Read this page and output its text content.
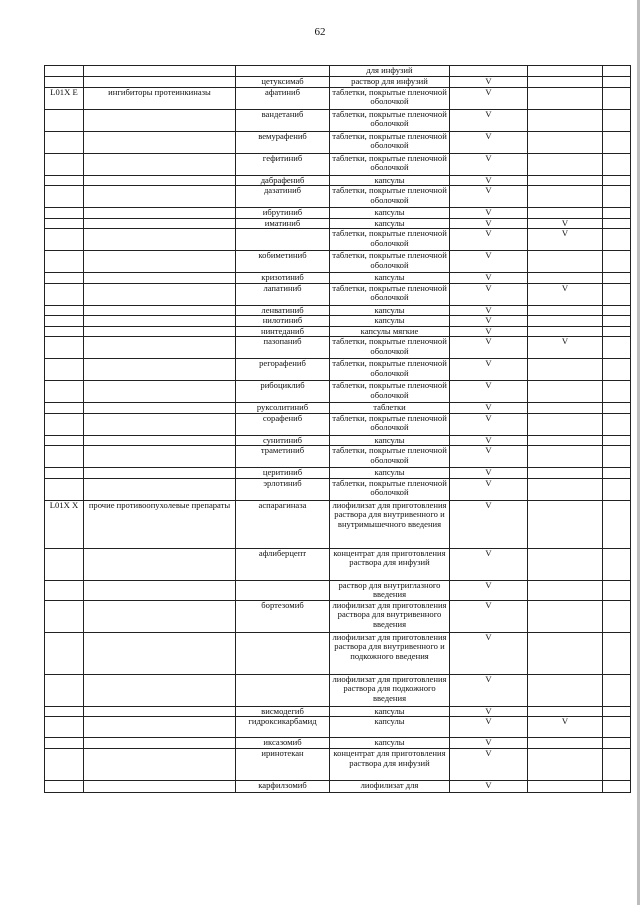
62
			для инфузий			
		цетуксимаб	раствор для инфузий	V		
L01X E	ингибиторы протеинкиназы	афатиниб	таблетки, покрытые пленочной оболочкой	V		
		вандетаниб	таблетки, покрытые пленочной оболочкой	V		
		вемурафениб	таблетки, покрытые пленочной оболочкой	V		
		гефитиниб	таблетки, покрытые пленочной оболочкой	V		
		дабрафениб	капсулы	V		
		дазатиниб	таблетки, покрытые пленочной оболочкой	V		
		ибрутиниб	капсулы	V		
		иматиниб	капсулы	V	V	
			таблетки, покрытые пленочной оболочкой	V	V	
		кобиметиниб	таблетки, покрытые пленочной оболочкой	V		
		кризотиниб	капсулы	V		
		лапатиниб	таблетки, покрытые пленочной оболочкой	V	V	
		ленватиниб	капсулы	V		
		нилотиниб	капсулы	V		
		нинтеданиб	капсулы мягкие	V		
		пазопаниб	таблетки, покрытые пленочной оболочкой	V	V	
		регорафениб	таблетки, покрытые пленочной оболочкой	V		
		рибоциклиб	таблетки, покрытые пленочной оболочкой	V		
		руксолитиниб	таблетки	V		
		сорафениб	таблетки, покрытые пленочной оболочкой	V		
		сунитиниб	капсулы	V		
		траметиниб	таблетки, покрытые пленочной оболочкой	V		
		церитиниб	капсулы	V		
		эрлотиниб	таблетки, покрытые пленочной оболочкой	V		
L01X X	прочие противоопухолевые препараты	аспарагиназа	лиофилизат для приготовления раствора для внутривенного и внутримышечного введения	V		
		афлиберцепт	концентрат для приготовления раствора для инфузий	V		
			раствор для внутриглазного введения	V		
		бортезомиб	лиофилизат для приготовления раствора для внутривенного введения	V		
			лиофилизат для приготовления раствора для внутривенного и подкожного введения	V		
			лиофилизат для приготовления раствора для подкожного введения	V		
		висмодегиб	капсулы	V		
		гидроксикарбамид	капсулы	V	V	
		иксазомиб	капсулы	V		
		иринотекан	концентрат для приготовления раствора для инфузий	V		
		карфилзомиб	лиофилизат для	V		
